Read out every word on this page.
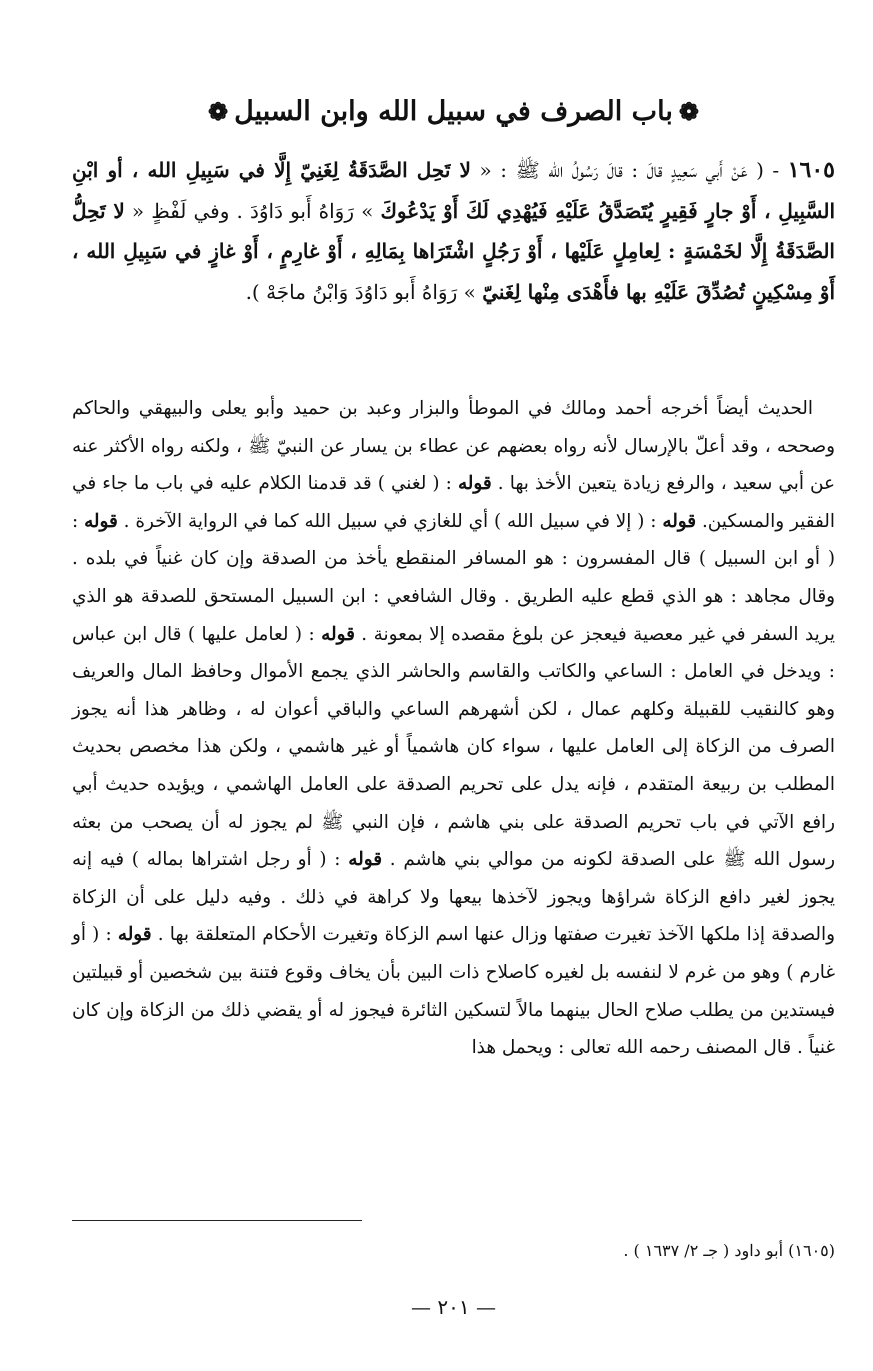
❁باب الصرف في سبيل الله وابن السبيل❁
١٦٠٥ - ( عَنْ أَبي سَعِيدٍ قالَ : قالَ رَسُولُ الله ﷺ : « لا تَحِل الصَّدَقَةُ لِغَنِيّ إِلَّا في سَبِيلِ الله ، أو ابْنِ السَّبِيلِ ، أَوْ جارٍ فَقِيرٍ يُتَصَدَّقُ عَلَيْهِ فَيُهْدِي لَكَ أَوْ يَدْعُوكَ » رَوَاهُ أَبو دَاوُدَ . وفي لَفْظٍ « لا تَحِلُّ الصَّدَقَةُ إِلَّا لخَمْسَةٍ : لِعامِلٍ عَلَيْها ، أَوْ رَجُلٍ اشْتَرَاها بِمَالِهِ ، أَوْ غارِمٍ ، أَوْ غازٍ في سَبِيلِ الله ، أَوْ مِسْكِينٍ تُصُدِّقَ عَلَيْهِ بها فأَهْدَى مِنْها لِغَنيّ » رَوَاهُ أَبو دَاوُدَ وَابْنُ ماجَهْ ).

الحديث أيضاً أخرجه أحمد ومالك في الموطأ والبزار وعبد بن حميد وأبو يعلى والبيهقي والحاكم وصححه ، وقد أعلّ بالإرسال لأنه رواه بعضهم عن عطاء بن يسار عن النبيّ ﷺ ، ولكنه رواه الأكثر عنه عن أبي سعيد ، والرفع زيادة يتعين الأخذ بها . قوله : ( لغني ) قد قدمنا الكلام عليه في باب ما جاء في الفقير والمسكين. قوله : ( إلا في سبيل الله ) أي للغازي في سبيل الله كما في الرواية الآخرة . قوله : ( أو ابن السبيل ) قال المفسرون : هو المسافر المنقطع يأخذ من الصدقة وإن كان غنياً في بلده . وقال مجاهد : هو الذي قطع عليه الطريق . وقال الشافعي : ابن السبيل المستحق للصدقة هو الذي يريد السفر في غير معصية فيعجز عن بلوغ مقصده إلا بمعونة . قوله : ( لعامل عليها ) قال ابن عباس : ويدخل في العامل : الساعي والكاتب والقاسم والحاشر الذي يجمع الأموال وحافظ المال والعريف وهو كالنقيب للقبيلة وكلهم عمال ، لكن أشهرهم الساعي والباقي أعوان له ، وظاهر هذا أنه يجوز الصرف من الزكاة إلى العامل عليها ، سواء كان هاشمياً أو غير هاشمي ، ولكن هذا مخصص بحديث المطلب بن ربيعة المتقدم ، فإنه يدل على تحريم الصدقة على العامل الهاشمي ، ويؤيده حديث أبي رافع الآتي في باب تحريم الصدقة على بني هاشم ، فإن النبي ﷺ لم يجوز له أن يصحب من بعثه رسول الله ﷺ على الصدقة لكونه من موالي بني هاشم . قوله : ( أو رجل اشتراها بماله ) فيه إنه يجوز لغير دافع الزكاة شراؤها ويجوز لآخذها بيعها ولا كراهة في ذلك . وفيه دليل على أن الزكاة والصدقة إذا ملكها الآخذ تغيرت صفتها وزال عنها اسم الزكاة وتغيرت الأحكام المتعلقة بها . قوله : ( أو غارم ) وهو من غرم لا لنفسه بل لغيره كاصلاح ذات البين بأن يخاف وقوع فتنة بين شخصين أو قبيلتين فيستدين من يطلب صلاح الحال بينهما مالاً لتسكين الثائرة فيجوز له أو يقضي ذلك من الزكاة وإن كان غنياً . قال المصنف رحمه الله تعالى : ويحمل هذا

(١٦٠٥) أبو داود ( جـ ٢/ ١٦٣٧ ) .
— ٢٠١ —
